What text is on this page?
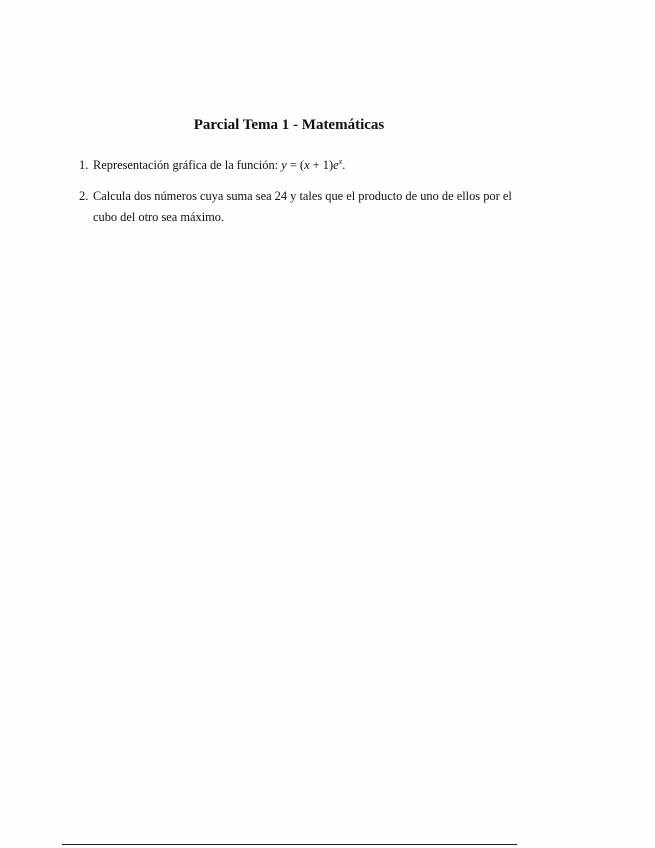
Parcial Tema 1 - Matemáticas
1. Representación gráfica de la función: $y = (x + 1)e^x$.
2. Calcula dos números cuya suma sea 24 y tales que el producto de uno de ellos por el cubo del otro sea máximo.
